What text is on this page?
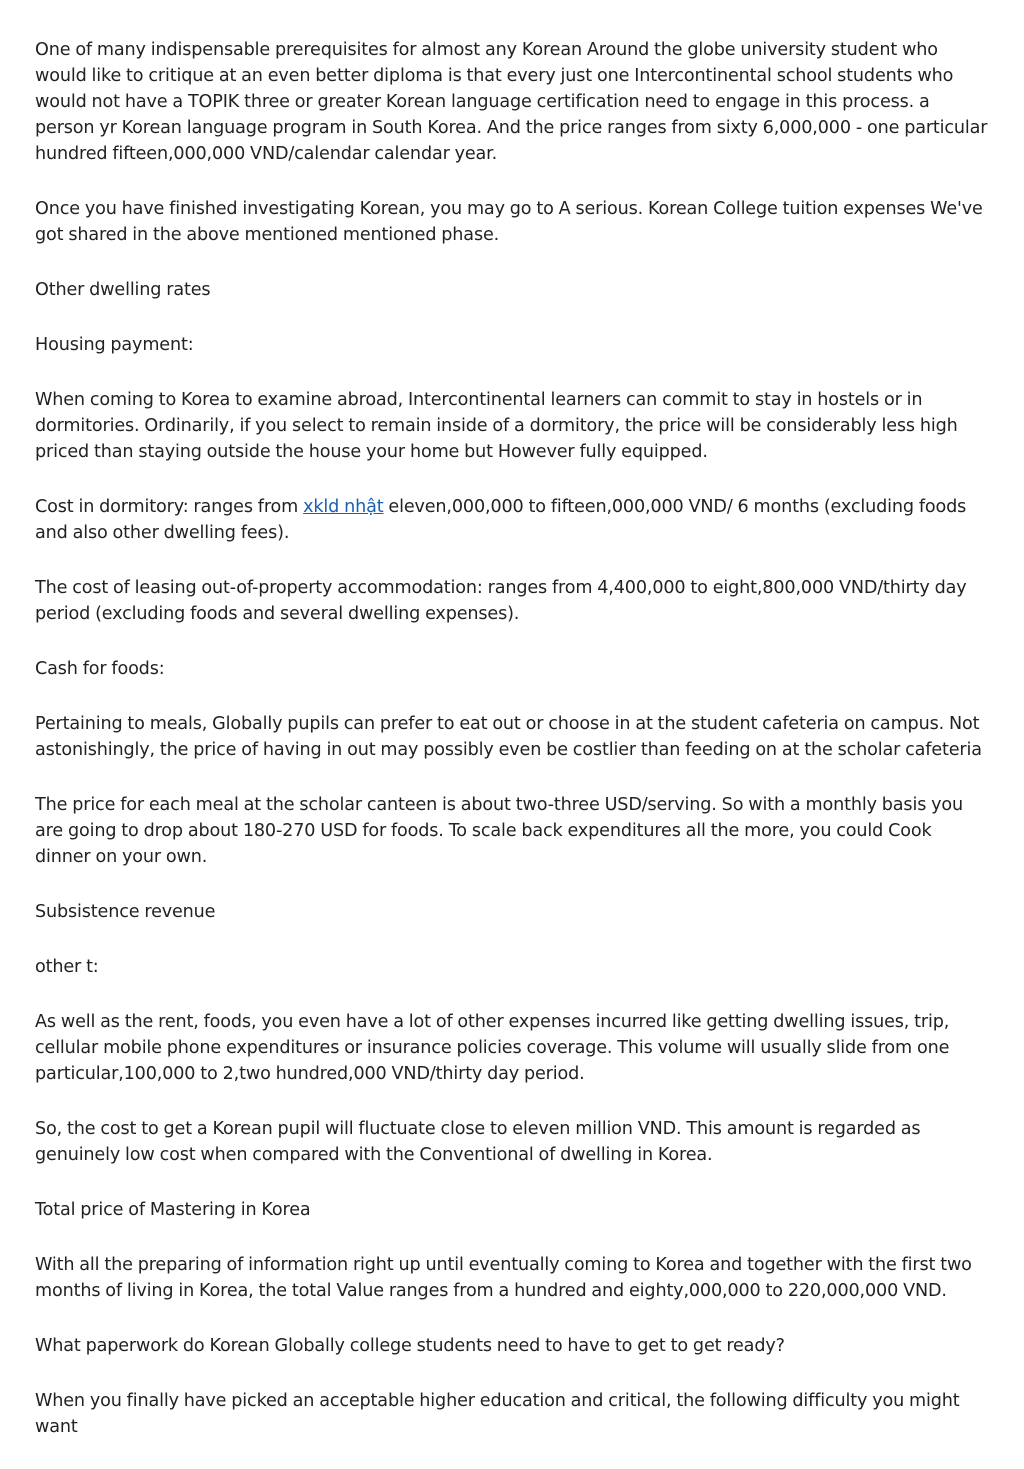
One of many indispensable prerequisites for almost any Korean Around the globe university student who would like to critique at an even better diploma is that every just one Intercontinental school students who would not have a TOPIK three or greater Korean language certification need to engage in this process. a person yr Korean language program in South Korea. And the price ranges from sixty 6,000,000 - one particular hundred fifteen,000,000 VND/calendar calendar year.

Once you have finished investigating Korean, you may go to A serious. Korean College tuition expenses We've got shared in the above mentioned mentioned phase.

Other dwelling rates

Housing payment:

When coming to Korea to examine abroad, Intercontinental learners can commit to stay in hostels or in dormitories. Ordinarily, if you select to remain inside of a dormitory, the price will be considerably less high priced than staying outside the house your home but However fully equipped.

Cost in dormitory: ranges from xkld nhật eleven,000,000 to fifteen,000,000 VND/ 6 months (excluding foods and also other dwelling fees).

The cost of leasing out-of-property accommodation: ranges from 4,400,000 to eight,800,000 VND/thirty day period (excluding foods and several dwelling expenses).

Cash for foods:

Pertaining to meals, Globally pupils can prefer to eat out or choose in at the student cafeteria on campus. Not astonishingly, the price of having in out may possibly even be costlier than feeding on at the scholar cafeteria

The price for each meal at the scholar canteen is about two-three USD/serving. So with a monthly basis you are going to drop about 180-270 USD for foods. To scale back expenditures all the more, you could Cook dinner on your own.

Subsistence revenue

other t:

As well as the rent, foods, you even have a lot of other expenses incurred like getting dwelling issues, trip, cellular mobile phone expenditures or insurance policies coverage. This volume will usually slide from one particular,100,000 to 2,two hundred,000 VND/thirty day period.

So, the cost to get a Korean pupil will fluctuate close to eleven million VND. This amount is regarded as genuinely low cost when compared with the Conventional of dwelling in Korea.

Total price of Mastering in Korea

With all the preparing of information right up until eventually coming to Korea and together with the first two months of living in Korea, the total Value ranges from a hundred and eighty,000,000 to 220,000,000 VND.

What paperwork do Korean Globally college students need to have to get to get ready?

When you finally have picked an acceptable higher education and critical, the following difficulty you might want
